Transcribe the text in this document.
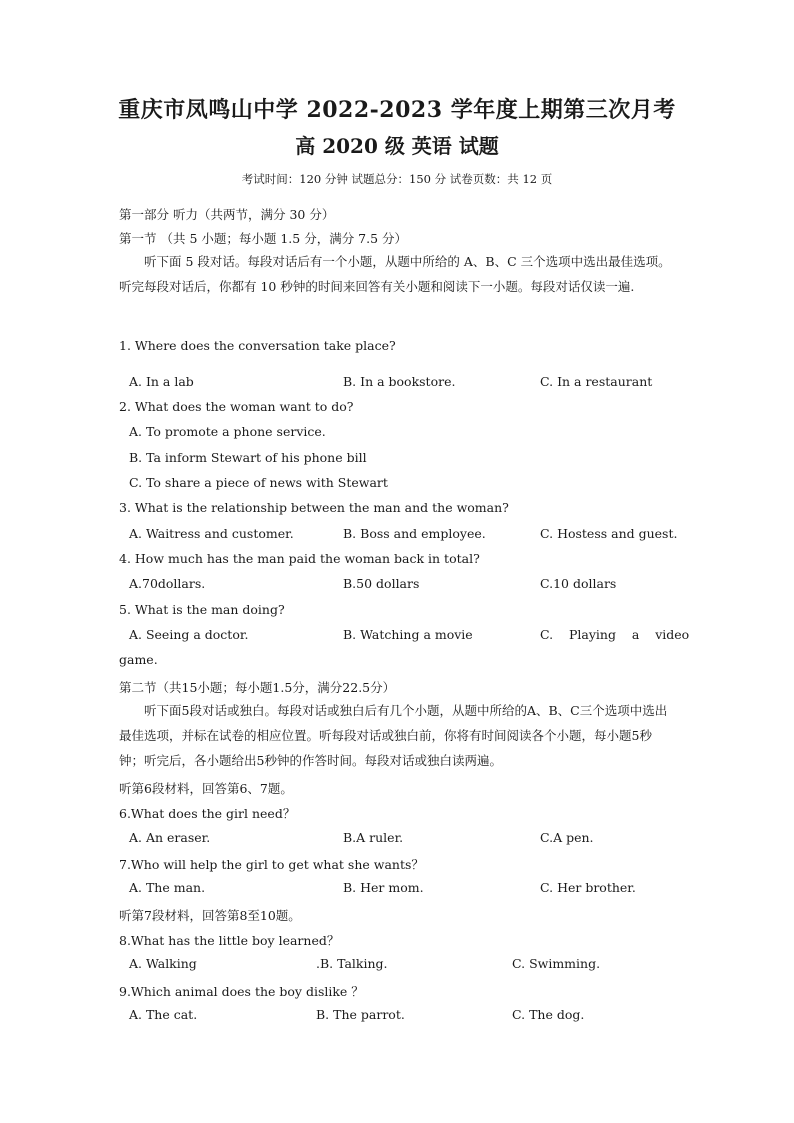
重庆市凤鸣山中学 2022-2023 学年度上期第三次月考
高 2020 级 英语 试题
考试时间：120 分钟 试题总分：150 分 试卷页数：共 12 页
第一部分 听力（共两节，满分 30 分）
第一节 （共 5 小题；每小题 1.5 分，满分 7.5 分）
听下面 5 段对话。每段对话后有一个小题，从题中所给的 A、B、C 三个选项中选出最佳选项。听完每段对话后，你都有 10 秒钟的时间来回答有关小题和阅读下一小题。每段对话仅读一遍.
1. Where does the conversation take place?
A. In a lab	B. In a bookstore.	C. In a restaurant
2. What does the woman want to do?
A. To promote a phone service.
B. Ta inform Stewart of his phone bill
C. To share a piece of news with Stewart
3. What is the relationship between the man and the woman?
A. Waitress and customer.	B. Boss and employee.	C. Hostess and guest.
4. How much has the man paid the woman back in total?
A.70dollars.	B.50 dollars	C.10 dollars
5. What is the man doing?
A. Seeing a doctor.	B. Watching a movie	C.    Playing    a    video
game.
第二节（共15小题；每小题1.5分，满分22.5分）
听下面5段对话或独白。每段对话或独白后有几个小题，从题中所给的A、B、C三个选项中选出最佳选项，并标在试卷的相应位置。听每段对话或独白前，你将有时间阅读各个小题，每小题5秒钟；听完后，各小题给出5秒钟的作答时间。每段对话或独白读两遍。
听第6段材料，回答第6、7题。
6.What does the girl need？
A. An eraser.	B.A ruler.	C.A pen.
7.Who will help the girl to get what she wants？
A. The man.	B. Her mom.	C. Her brother.
听第7段材料，回答第8至10题。
8.What has the little boy learned？
A. Walking	.B. Talking.	C. Swimming.
9.Which animal does the boy dislike ？
A. The cat.	B. The parrot.	C. The dog.
